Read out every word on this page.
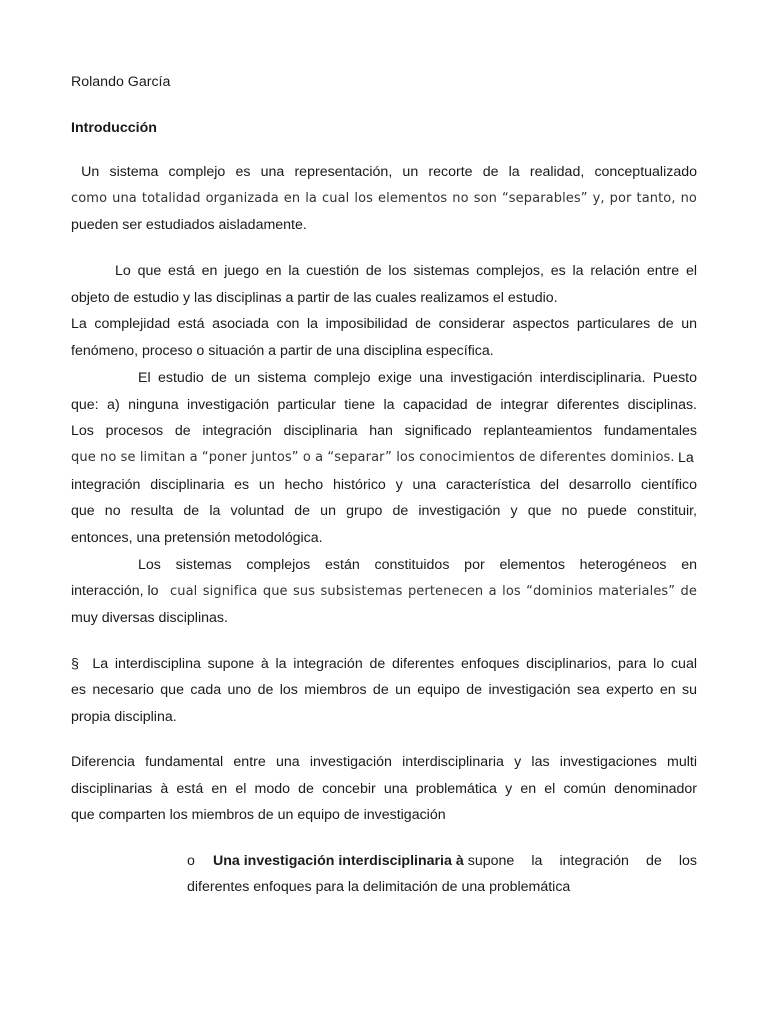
Rolando García
Introducción
Un sistema complejo es una representación, un recorte de la realidad, conceptualizado
como una totalidad organizada en la cual los elementos no son “separables” y, por tanto, no
pueden ser estudiados aisladamente.
Lo que está en juego en la cuestión de los sistemas complejos, es la relación entre el
objeto de estudio y las disciplinas a partir de las cuales realizamos el estudio.
La complejidad está asociada con la imposibilidad de considerar aspectos particulares de un
fenómeno, proceso o situación a partir de una disciplina específica.
El estudio de un sistema complejo exige una investigación interdisciplinaria. Puesto
que: a) ninguna investigación particular tiene la capacidad de integrar diferentes disciplinas.
Los procesos de integración disciplinaria han significado replanteamientos fundamentales
que no se limitan a “poner juntos” o a “separar” los conocimientos de diferentes dominios. La
integración disciplinaria es un hecho histórico y una característica del desarrollo científico
que no resulta de la voluntad de un grupo de investigación y que no puede constituir,
entonces, una pretensión metodológica.
Los sistemas complejos están constituidos por elementos heterogéneos en
interacción, lo cual significa que sus subsistemas pertenecen a los “dominios materiales” de
muy diversas disciplinas.
§  La interdisciplina supone à la integración de diferentes enfoques disciplinarios, para lo cual
es necesario que cada uno de los miembros de un equipo de investigación sea experto en su
propia disciplina.
Diferencia fundamental entre una investigación interdisciplinaria y las investigaciones multi
disciplinarias à está en el modo de concebir una problemática y en el común denominador
que comparten los miembros de un equipo de investigación
o	Una investigación interdisciplinaria à supone la integración de los
diferentes enfoques para la delimitación de una problemática
